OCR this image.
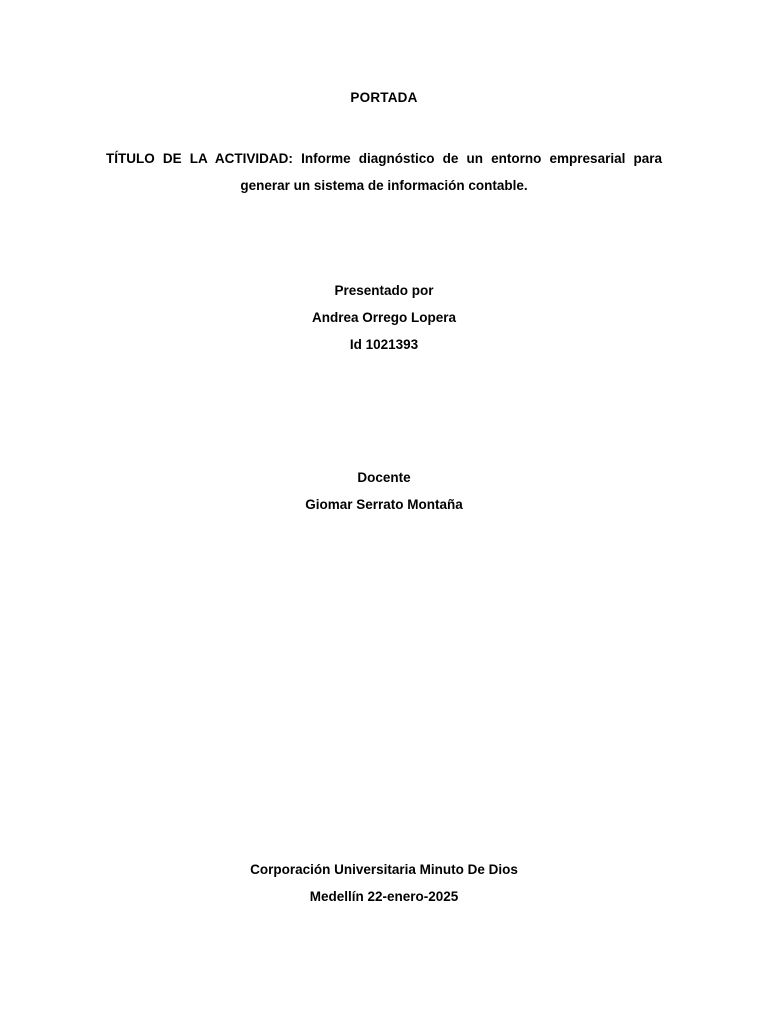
PORTADA
TÍTULO DE LA ACTIVIDAD: Informe diagnóstico de un entorno empresarial para generar un sistema de información contable.
Presentado por
Andrea Orrego Lopera
Id 1021393
Docente
Giomar Serrato Montaña
Corporación Universitaria Minuto De Dios
Medellín 22-enero-2025
